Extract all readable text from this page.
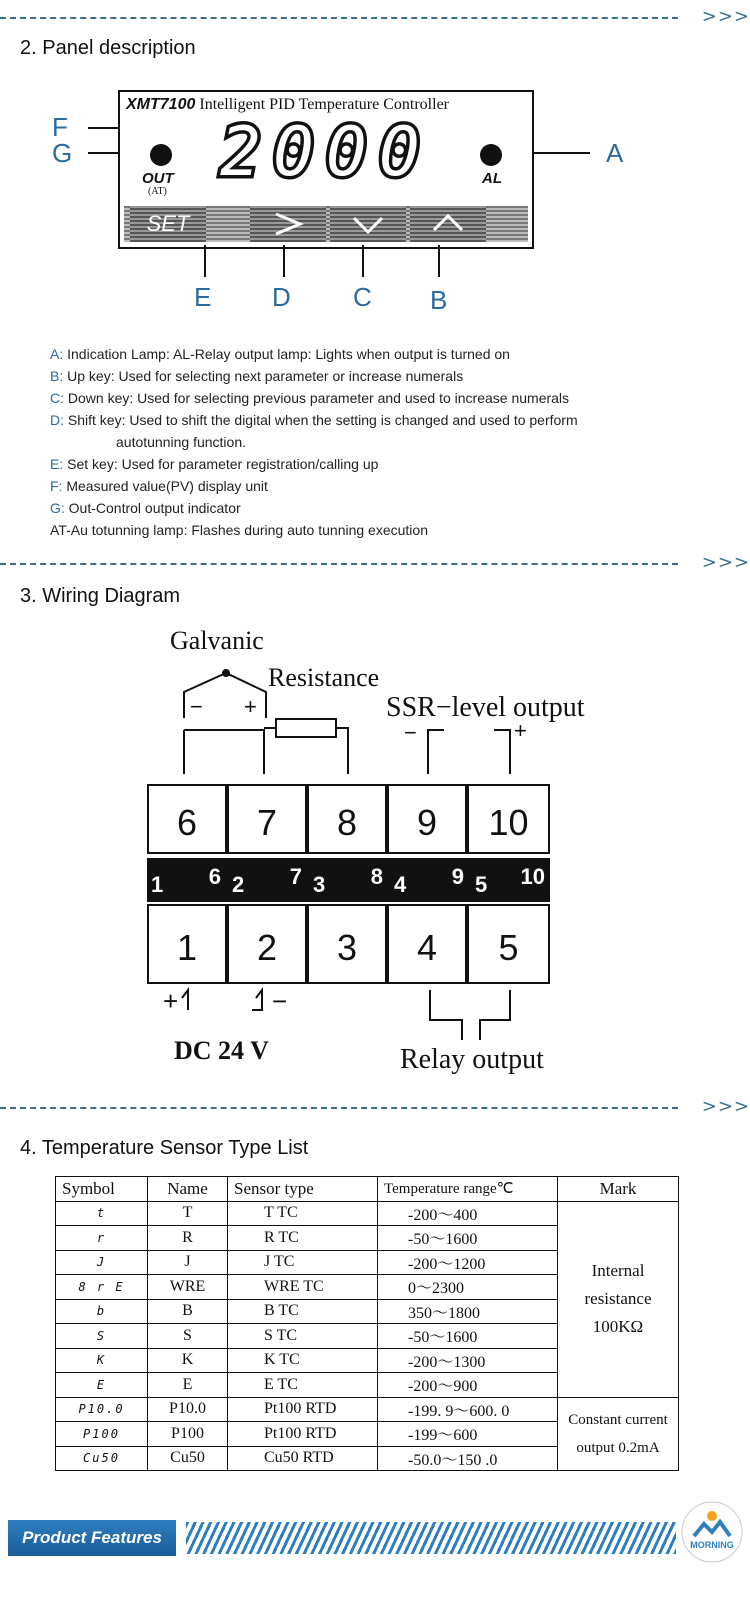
>>>
2. Panel description
F
G	A
XMT7100 Intelligent PID Temperature Controller
2000
OUT
(AT)
AL
SET
E D C B
A: Indication Lamp: AL-Relay output lamp: Lights when output is turned on
B: Up key: Used for selecting next parameter or increase numerals
C: Down key: Used for selecting previous parameter and used to increase numerals
D: Shift key: Used to shift the digital when the setting is changed and used to perform
autotunning function.
E: Set key: Used for parameter registration/calling up
F: Measured value(PV) display unit
G: Out-Control output indicator
AT-Au totunning lamp: Flashes during auto tunning execution
>>>
3. Wiring Diagram
Galvanic
Resistance
SSR−level output
− +
−	+
6	7	8	9	10
1 6 2 7 3 8 4 9 5 10
1	2	3	4	5
+	−
DC 24 V	Relay output
>>>
4. Temperature Sensor Type List
Symbol	Name	Sensor type	Temperature range℃	Mark
t	T	T TC	-200～400	Internal resistance 100KΩ
r	R	R TC	-50～1600	
J	J	J TC	-200～1200	
8 r E	WRE	WRE TC	0～2300	
b	B	B TC	350～1800	
S	S	S TC	-50～1600	
K	K	K TC	-200～1300	
E	E	E TC	-200～900	
P10.0	P10.0	Pt100 RTD	-199. 9～600. 0	Constant current output 0.2mA
P100	P100	Pt100 RTD	-199～600	
Cu50	Cu50	Cu50 RTD	-50.0～150 .0	
Product Features	MORNING
